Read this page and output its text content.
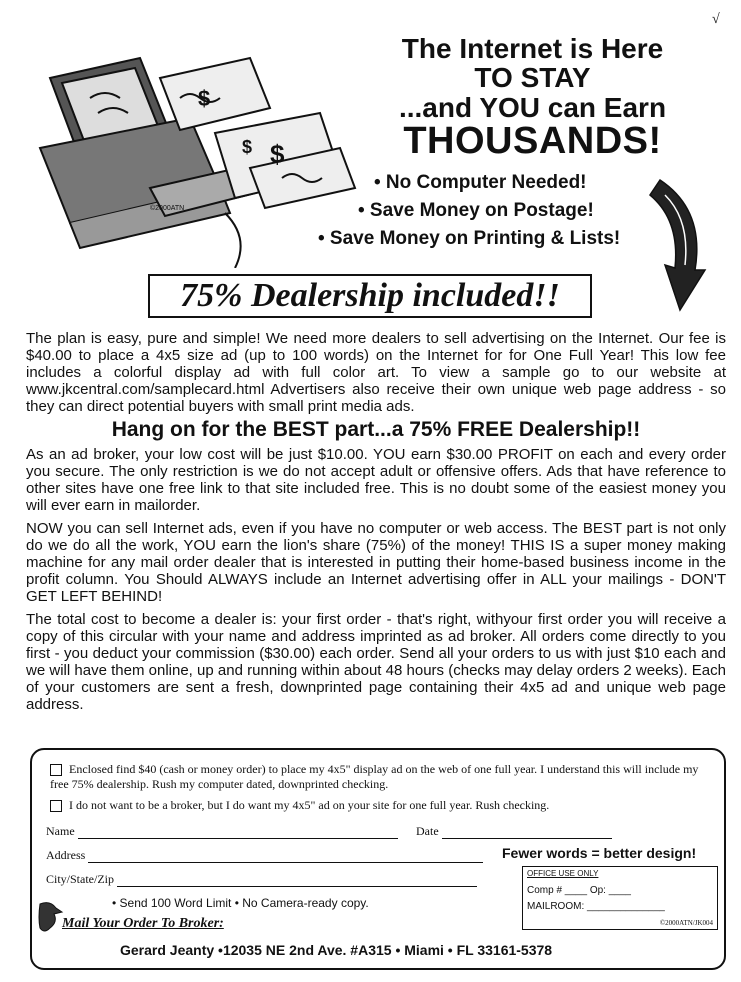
√
$
$
$
©2000ATN
The Internet is Here
TO STAY
...and YOU can Earn
THOUSANDS!
• No Computer Needed!
• Save Money on Postage!
• Save Money on Printing & Lists!
75% Dealership included!!

The plan is easy, pure and simple! We need more dealers to sell advertising on the Internet. Our fee is $40.00 to place a 4x5 size ad (up to 100 words) on the Internet for for One Full Year! This low fee includes a colorful display ad with full color art. To view a sample go to our website at www.jkcentral.com/samplecard.html Advertisers also receive their own unique web page address - so they can direct potential buyers with small print media ads.

Hang on for the BEST part...a 75% FREE Dealership!!

As an ad broker, your low cost will be just $10.00. YOU earn $30.00 PROFIT on each and every order you secure. The only restriction is we do not accept adult or offensive offers. Ads that have reference to other sites have one free link to that site included free. This is no doubt some of the easiest money you will ever earn in mailorder.

NOW you can sell Internet ads, even if you have no computer or web access. The BEST part is not only do we do all the work, YOU earn the lion's share (75%) of the money! THIS IS a super money making machine for any mail order dealer that is interested in putting their home-based business income in the profit column. You Should ALWAYS include an Internet advertising offer in ALL your mailings - DON'T GET LEFT BEHIND!

The total cost to become a dealer is: your first order - that's right, withyour first order you will receive a copy of this circular with your name and address imprinted as ad broker. All orders come directly to you first - you deduct your commission ($30.00) each order. Send all your orders to us with just $10 each and we will have them online, up and running within about 48 hours (checks may delay orders 2 weeks). Each of your customers are sent a fresh, downprinted page containing their 4x5 ad and unique web page address.

Enclosed find $40 (cash or money order) to place my 4x5" display ad on the web of one full year. I understand this will include my free 75% dealership. Rush my computer dated, downprinted checking.
I do not want to be a broker, but I do want my 4x5" ad on your site for one full year. Rush checking.
Name	Date
Address	Fewer words = better design!
City/State/Zip	OFFICE USE ONLY
Comp # ____ Op: ____
MAILROOM: ______________
©2000ATN/JK004
• Send 100 Word Limit • No Camera-ready copy.
Mail Your Order To Broker:
Gerard Jeanty •12035 NE 2nd Ave. #A315 • Miami • FL 33161-5378
